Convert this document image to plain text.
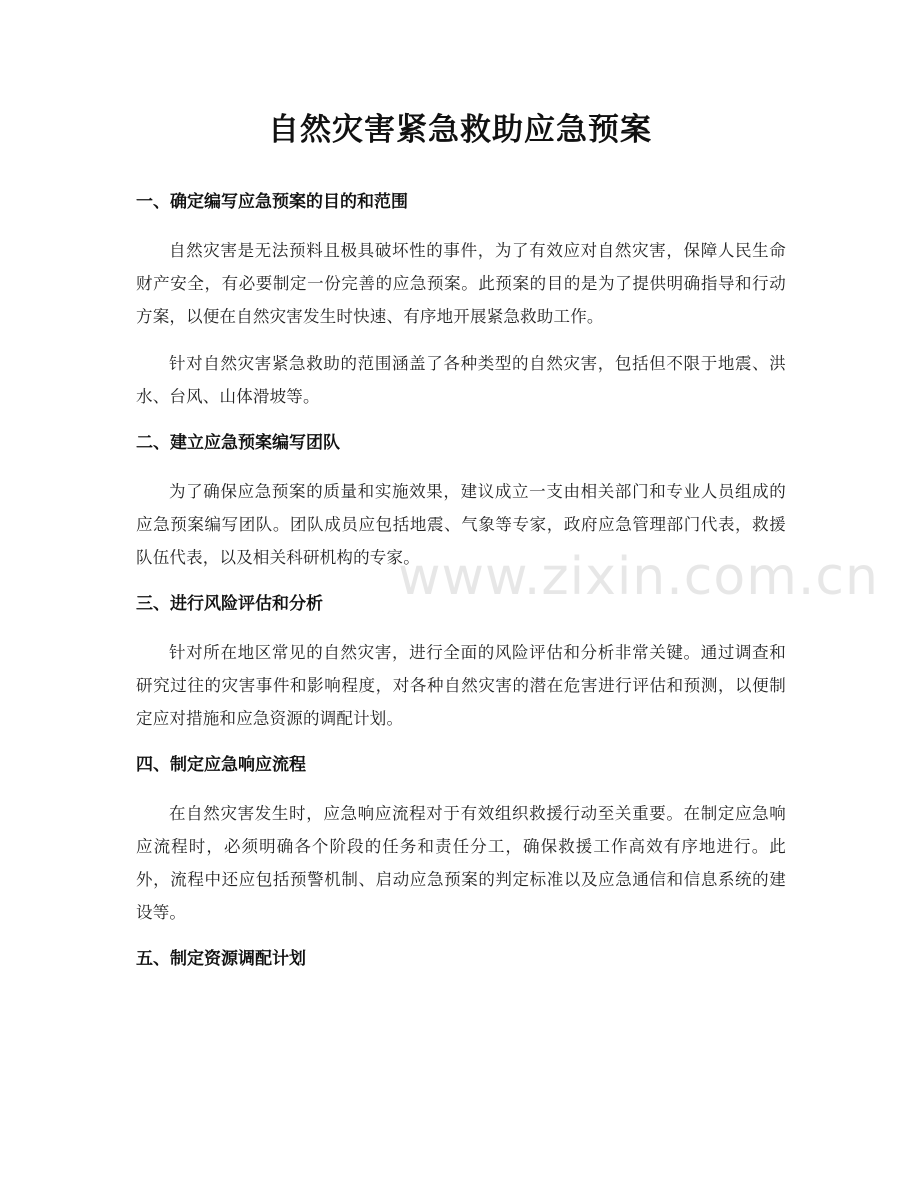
自然灾害紧急救助应急预案
一、确定编写应急预案的目的和范围

自然灾害是无法预料且极具破坏性的事件，为了有效应对自然灾害，保障人民生命财产安全，有必要制定一份完善的应急预案。此预案的目的是为了提供明确指导和行动方案，以便在自然灾害发生时快速、有序地开展紧急救助工作。

针对自然灾害紧急救助的范围涵盖了各种类型的自然灾害，包括但不限于地震、洪水、台风、山体滑坡等。

二、建立应急预案编写团队

为了确保应急预案的质量和实施效果，建议成立一支由相关部门和专业人员组成的应急预案编写团队。团队成员应包括地震、气象等专家，政府应急管理部门代表，救援队伍代表，以及相关科研机构的专家。

三、进行风险评估和分析

针对所在地区常见的自然灾害，进行全面的风险评估和分析非常关键。通过调查和研究过往的灾害事件和影响程度，对各种自然灾害的潜在危害进行评估和预测，以便制定应对措施和应急资源的调配计划。

四、制定应急响应流程

在自然灾害发生时，应急响应流程对于有效组织救援行动至关重要。在制定应急响应流程时，必须明确各个阶段的任务和责任分工，确保救援工作高效有序地进行。此外，流程中还应包括预警机制、启动应急预案的判定标准以及应急通信和信息系统的建设等。

五、制定资源调配计划
www.zixin.com.cn
